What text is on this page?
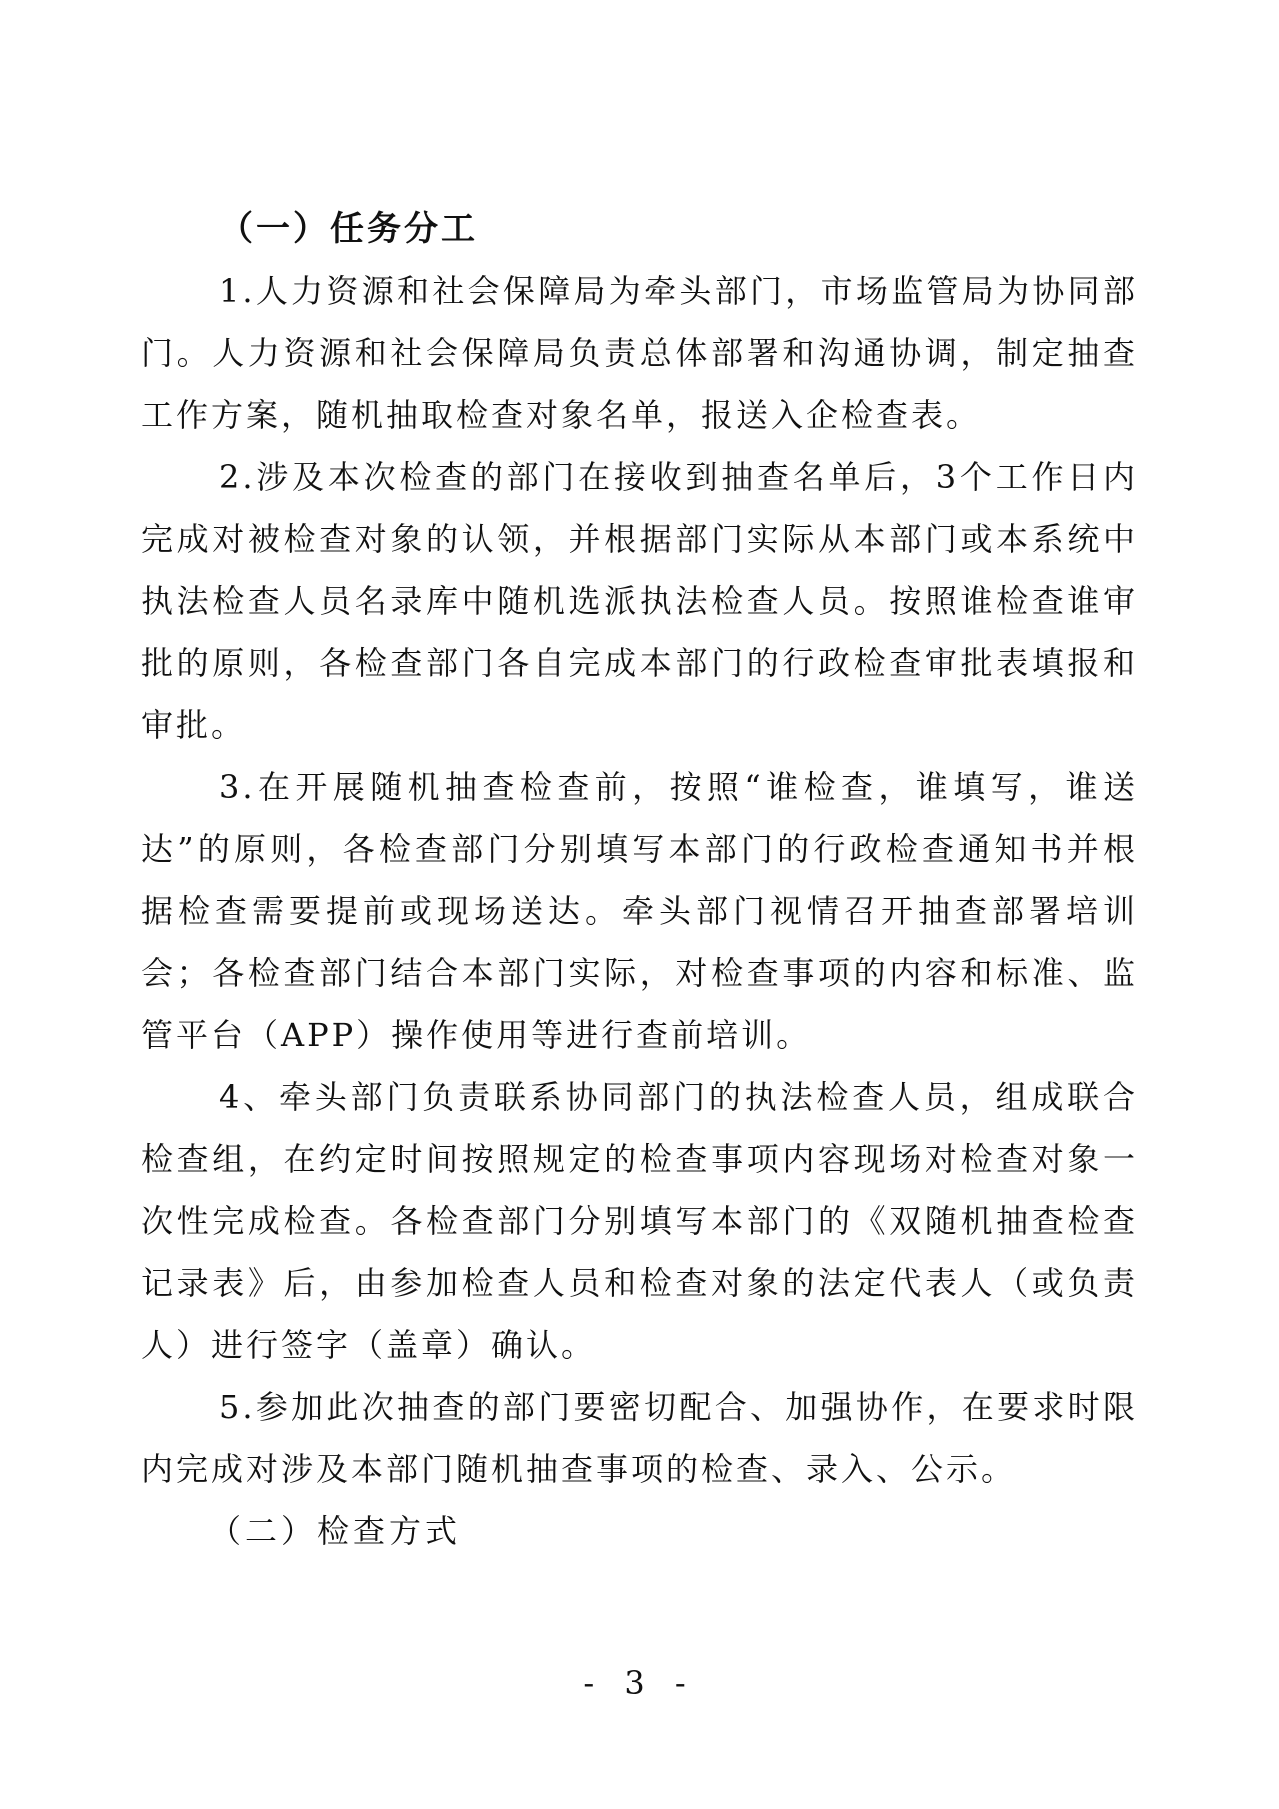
（一）任务分工

1.人力资源和社会保障局为牵头部门，市场监管局为协同部门。人力资源和社会保障局负责总体部署和沟通协调，制定抽查工作方案，随机抽取检查对象名单，报送入企检查表。

2.涉及本次检查的部门在接收到抽查名单后，3个工作日内完成对被检查对象的认领，并根据部门实际从本部门或本系统中执法检查人员名录库中随机选派执法检查人员。按照谁检查谁审批的原则，各检查部门各自完成本部门的行政检查审批表填报和审批。

3.在开展随机抽查检查前，按照“谁检查，谁填写，谁送达”的原则，各检查部门分别填写本部门的行政检查通知书并根据检查需要提前或现场送达。牵头部门视情召开抽查部署培训会；各检查部门结合本部门实际，对检查事项的内容和标准、监管平台（APP）操作使用等进行查前培训。

4、牵头部门负责联系协同部门的执法检查人员，组成联合检查组，在约定时间按照规定的检查事项内容现场对检查对象一次性完成检查。各检查部门分别填写本部门的《双随机抽查检查记录表》后，由参加检查人员和检查对象的法定代表人（或负责人）进行签字（盖章）确认。

5.参加此次抽查的部门要密切配合、加强协作，在要求时限内完成对涉及本部门随机抽查事项的检查、录入、公示。

（二）检查方式

- 3 -
